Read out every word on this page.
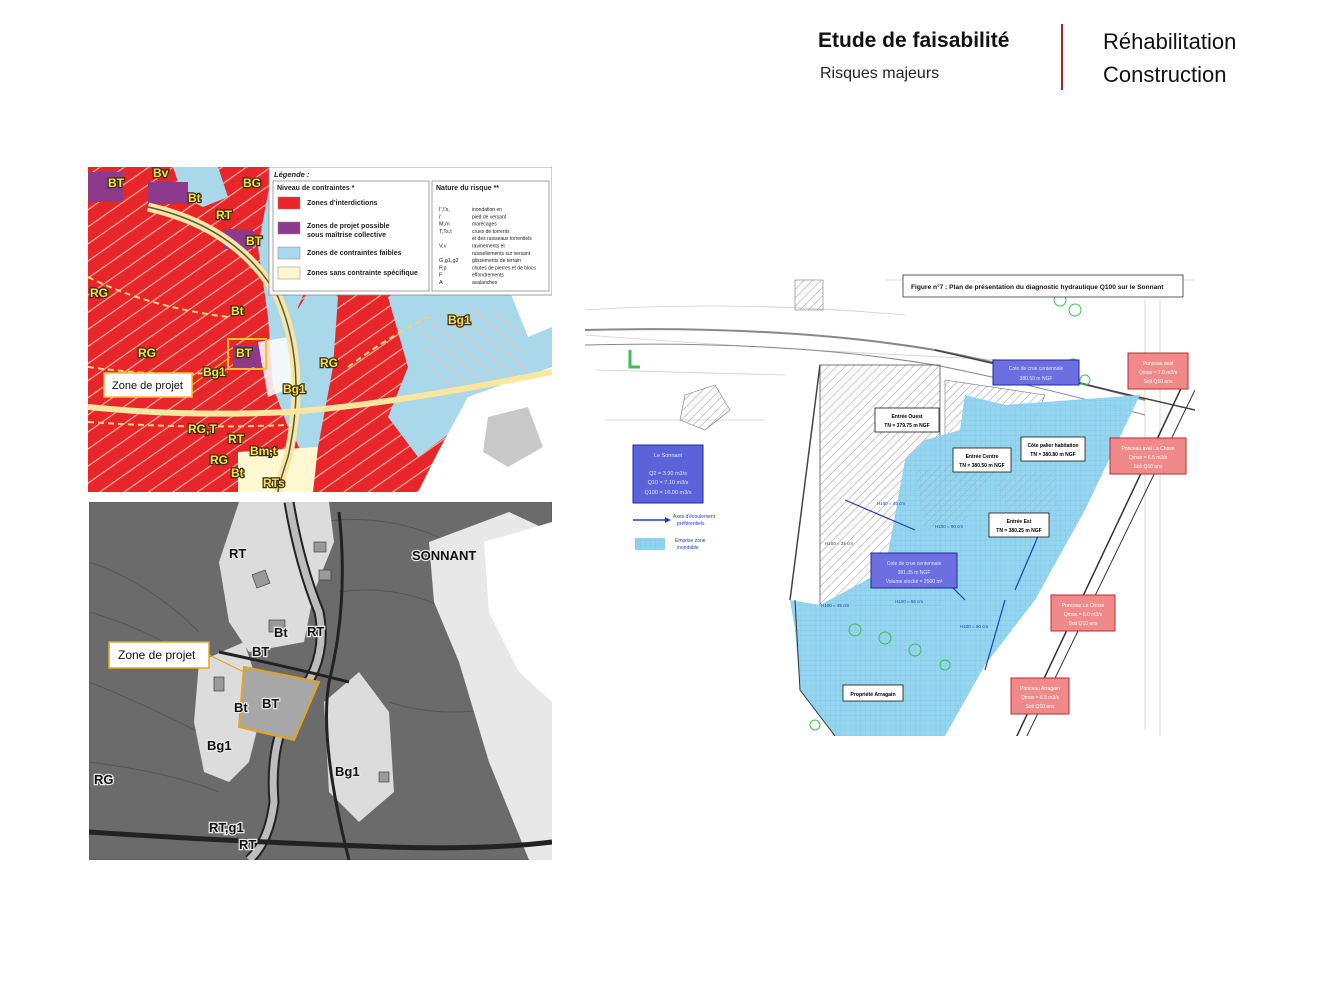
Etude de faisabilité
Risques majeurs
Réhabilitation
Construction
Légende :
Niveau de contraintes *	Nature du risque **
Zones d'interdictions
Zones de projet possible
sous maîtrise collective
Zones de contraintes faibles
Zones sans contrainte spécifique
I',I's,	inondation en
i'	pied de versant
M,m	marécages
T,Ts,t	crues de torrents
et des ruisseaux torrentiels
V,v	ravinements et
ruissellements sur versant
G,g1,g2	glissements de terrain
P,p	chutes de pierres et de blocs
F	effondrements
A	avalanches
Zone de projet
BT
Bv
Bt
BG
RT
BT
RG
Bt
RG	BT
Bg1
Bg1
RG
Bg1
RG,T
RT
Bm,t
RG
Bt
RTs
Zone de projet
RT	SONNANT
Bt RT
BT
BT
Bt
Bg1
Bg1
RG
RT,g1
RT
Figure n°7 : Plan de présentation du diagnostic hydraulique Q100 sur le Sonnant
Le Sonnant
Q2 = 3.90 m3/s
Q10 = 7.10 m3/s
Q100 = 16.00 m3/s
Axes d'écoulement
préférentiels
Emprise zone
inondable
Entrée Ouest
TN = 379.75 m NGF
Entrée Centre
TN = 380.50 m NGF
Côte palier habitation
TN = 380.80 m NGF
Entrée Est
TN = 380.25 m NGF
Cote de crue centennale
380.50 m NGF
Cote de crue centennale
381.35 m NGF
Volume stocké = 2500 m³
Ponceau aval
Qmax = 7.0 m3/s
Soit Q10 ans
Ponceau aval La Chose
Qmax = 6.5 m3/s
Soit Q10 ans
Ponceau La Chose
Qmax = 6.0 m3/s
Soit Q10 ans
Ponceau Arragain
Qmax = 6.5 m3/s
Soit Q10 ans
H100 = 45 cm
H100 = 90 cm
H100 = 35 cm
H100 = 65 cm
H100 = 45 cm
H100 = 90 cm
Propriété Arragain
